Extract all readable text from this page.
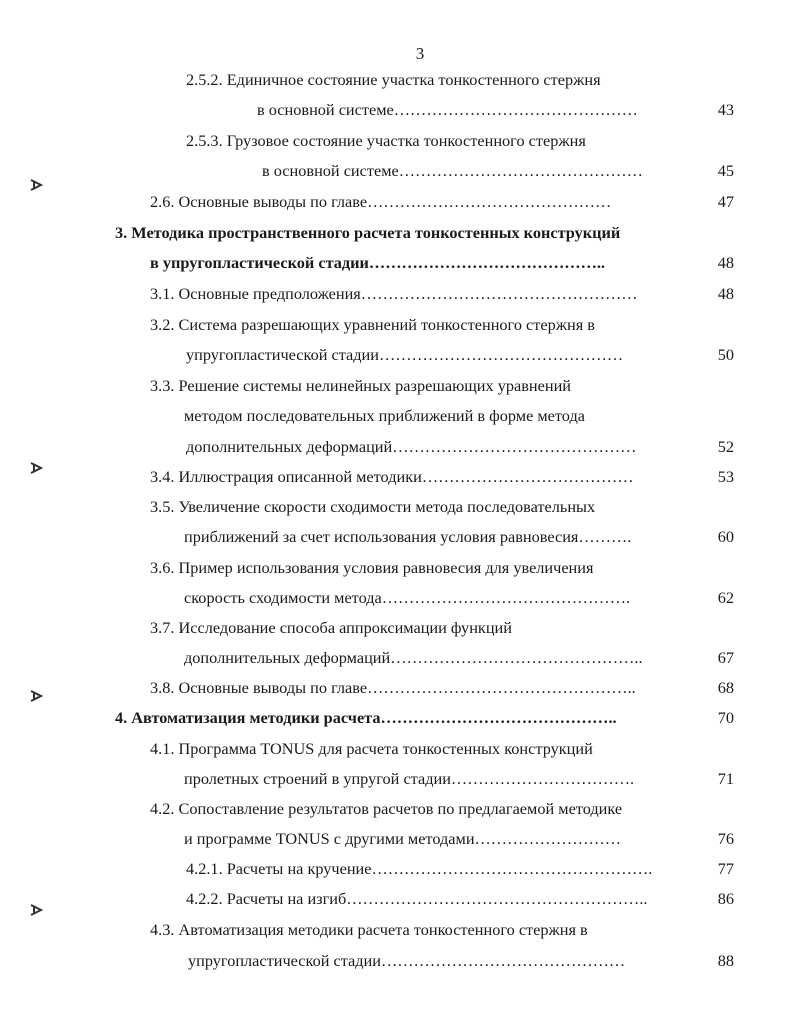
3
2.5.2. Единичное состояние участка тонкостенного стержня
в основной системе………………………………………	43
2.5.3. Грузовое состояние участка тонкостенного стержня
в основной системе………………………………………	45
2.6. Основные выводы по главе………………………………………	47
3. Методика пространственного расчета тонкостенных конструкций
в упругопластической стадии……………………………………..	48
3.1. Основные предположения……………………………………………	48
3.2. Система разрешающих уравнений тонкостенного стержня в
упругопластической стадии………………………………………	50
3.3. Решение системы нелинейных разрешающих уравнений
методом последовательных приближений в форме метода
дополнительных деформаций………………………………………	52
3.4. Иллюстрация описанной методики…………………………………	53
3.5. Увеличение скорости сходимости метода последовательных
приближений за счет использования условия равновесия……….	60
3.6. Пример использования условия равновесия для увеличения
скорость сходимости метода……………………………………….	62
3.7. Исследование способа аппроксимации функций
дополнительных деформаций………………………………………..	67
3.8. Основные выводы по главе…………………………………………..	68
4. Автоматизация методики расчета……………………………………..	70
4.1. Программа TONUS для расчета тонкостенных конструкций
пролетных строений в упругой стадии…………………………….	71
4.2. Сопоставление результатов расчетов по предлагаемой методике
и программе TONUS с другими методами………………………	76
4.2.1. Расчеты на кручение…………………………………………….	77
4.2.2. Расчеты на изгиб………………………………………………..	86
4.3. Автоматизация методики расчета тонкостенного стержня в
упругопластической стадии………………………………………	88
